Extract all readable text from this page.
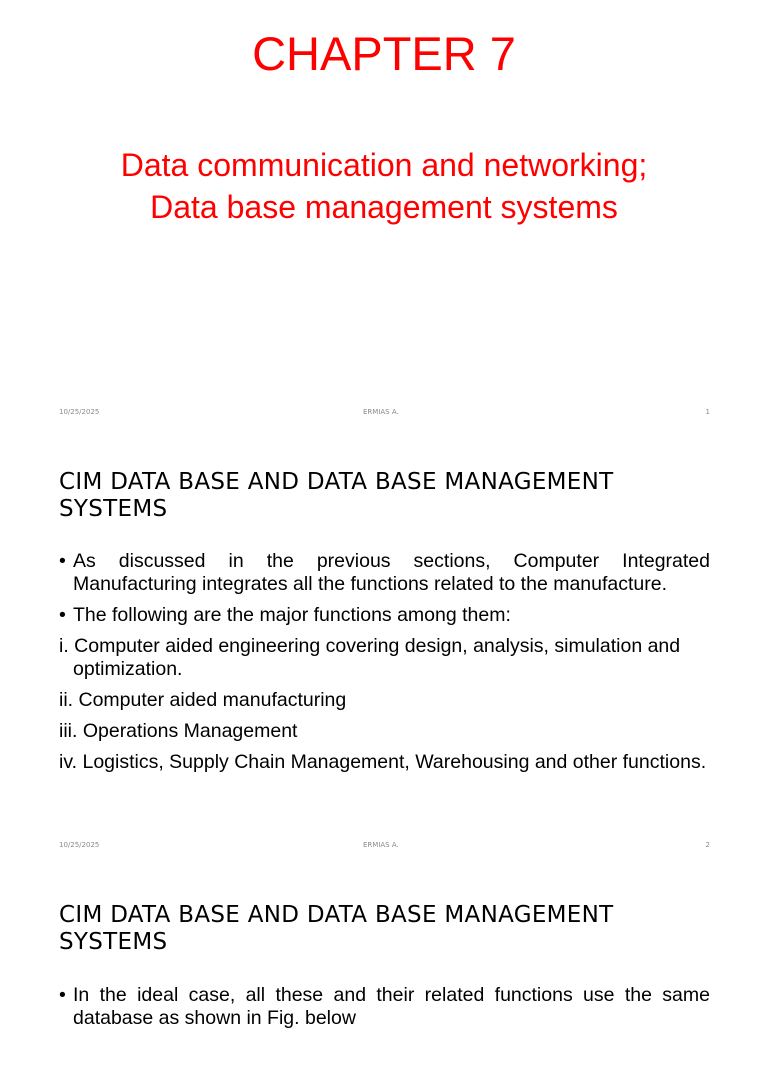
CHAPTER 7
Data communication and networking;
Data base management systems
10/25/2025	ERMIAS A.	1
CIM DATA BASE AND DATA BASE MANAGEMENT SYSTEMS
• As discussed in the previous sections, Computer Integrated Manufacturing integrates all the functions related to the manufacture.
• The following are the major functions among them:
i. Computer aided engineering covering design, analysis, simulation and optimization.
ii. Computer aided manufacturing
iii. Operations Management
iv. Logistics, Supply Chain Management, Warehousing and other functions.
10/25/2025	ERMIAS A.	2
CIM DATA BASE AND DATA BASE MANAGEMENT SYSTEMS
• In the ideal case, all these and their related functions use the same database as shown in Fig. below
